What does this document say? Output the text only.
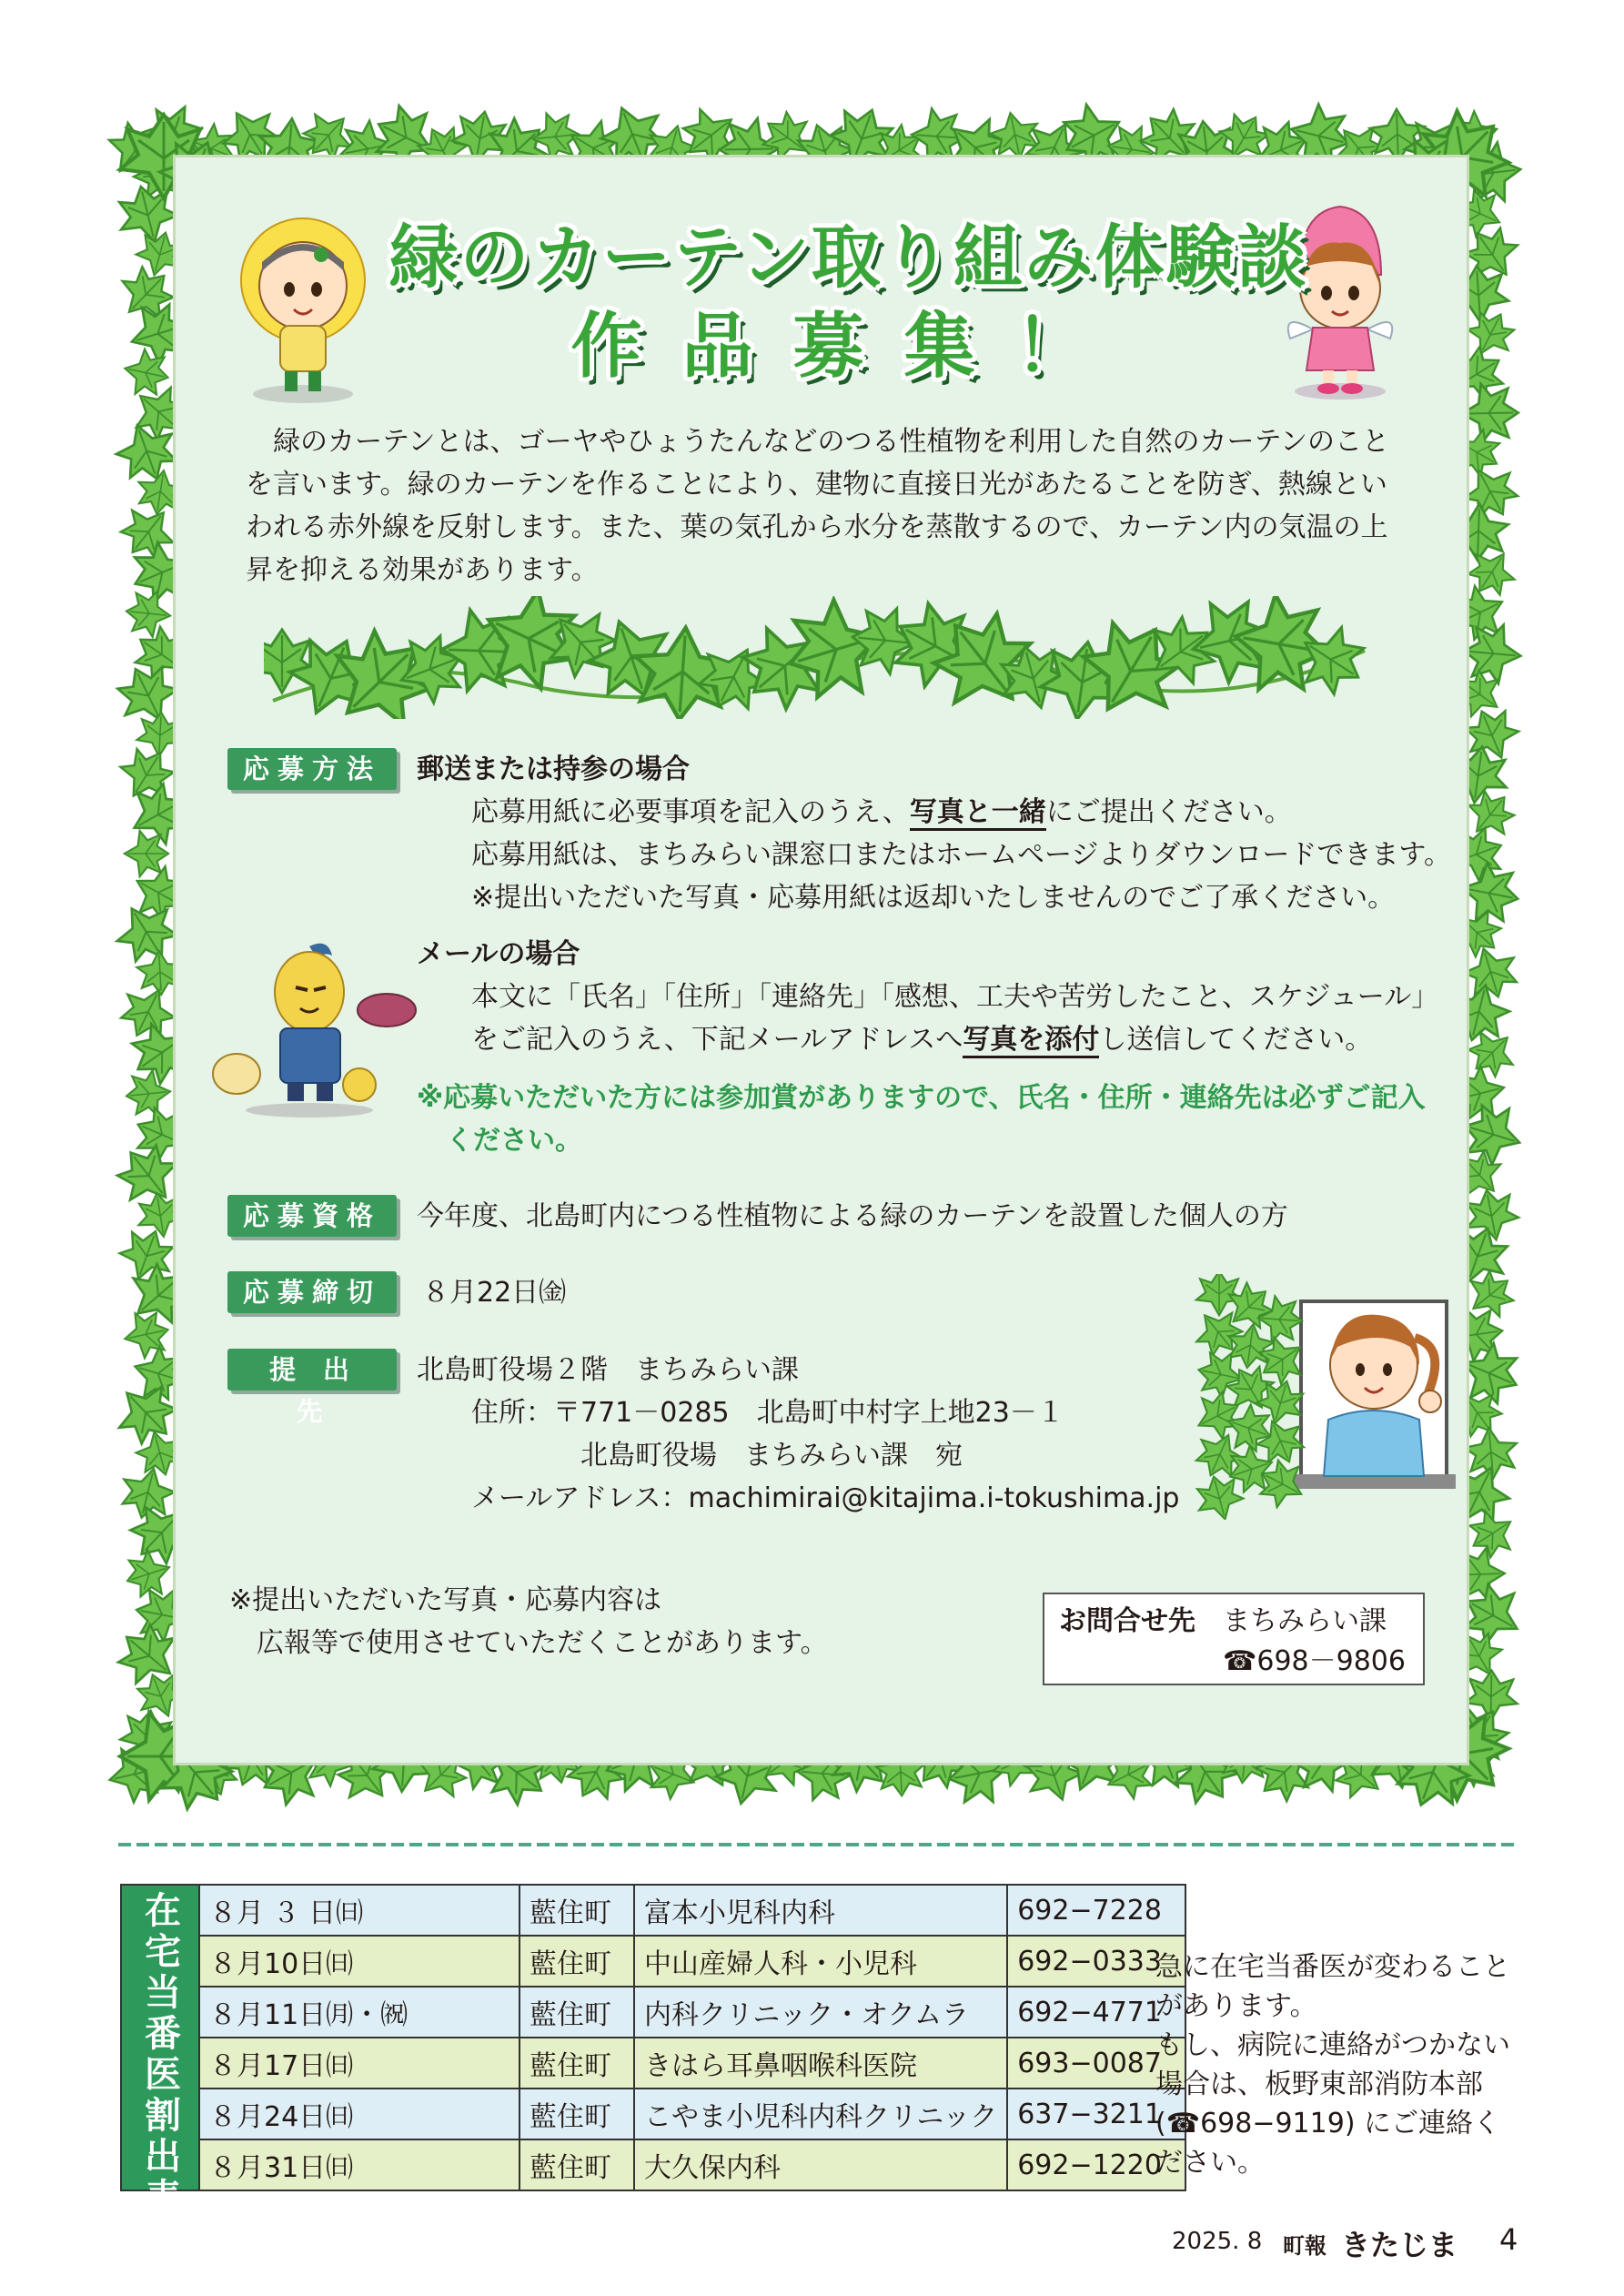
緑のカーテン取り組み体験談
作品募集！

緑のカーテンとは、ゴーヤやひょうたんなどのつる性植物を利用した自然のカーテンのこと

を言います。緑のカーテンを作ることにより、建物に直接日光があたることを防ぎ、熱線とい

われる赤外線を反射します。また、葉の気孔から水分を蒸散するので、カーテン内の気温の上

昇を抑える効果があります。

応募方法	郵送または持参の場合
応募用紙に必要事項を記入のうえ、写真と一緒にご提出ください。
応募用紙は、まちみらい課窓口またはホームページよりダウンロードできます。
※提出いただいた写真・応募用紙は返却いたしませんのでご了承ください。
メールの場合
本文に「氏名」「住所」「連絡先」「感想、工夫や苦労したこと、スケジュール」
をご記入のうえ、下記メールアドレスへ写真を添付し送信してください。
※応募いただいた方には参加賞がありますので、氏名・住所・連絡先は必ずご記入
ください。
応募資格	今年度、北島町内につる性植物による緑のカーテンを設置した個人の方
応募締切	８月22日㈮
提出先
北島町役場２階　まちみらい課
住所：〒771－0285　北島町中村字上地23－１
北島町役場　まちみらい課　宛
メールアドレス：machimirai@kitajima.i-tokushima.jp
※提出いただいた写真・応募内容は
広報等で使用させていただくことがあります。
お問合せ先 まちみらい課
☎698－9806
在宅当番医割出表	８月 ３ 日㈰	藍住町	富本小児科内科	692−7228
	８月10日㈰	藍住町	中山産婦人科・小児科	692−0333
	８月11日㈪・㈷	藍住町	内科クリニック・オクムラ	692−4771
	８月17日㈰	藍住町	きはら耳鼻咽喉科医院	693−0087
	８月24日㈰	藍住町	こやま小児科内科クリニック	637−3211
	８月31日㈰	藍住町	大久保内科	692−1220
急に在宅当番医が変わること
があります。
もし、病院に連絡がつかない
場合は、板野東部消防本部
(☎698−9119) にご連絡く
ださい。
2025. 8 町報 きたじま 4
